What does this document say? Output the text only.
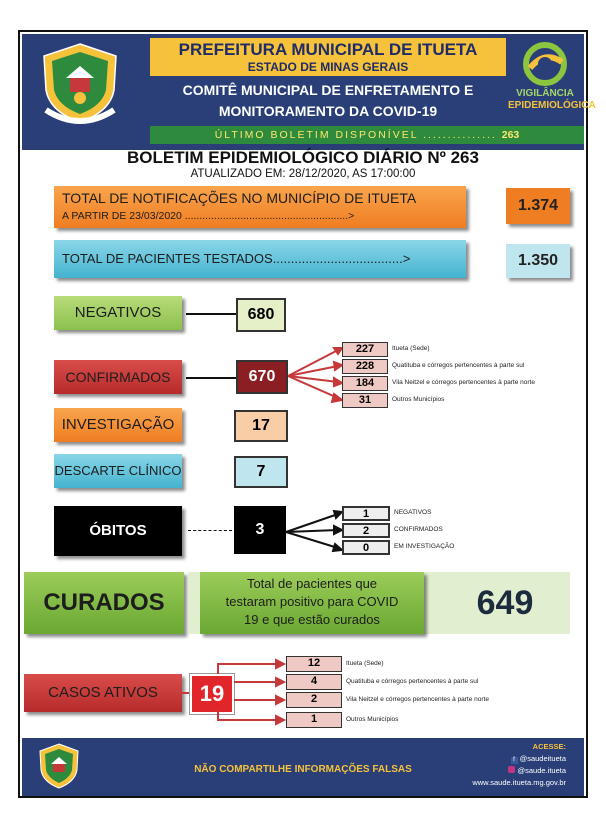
PREFEITURA MUNICIPAL DE ITUETA
ESTADO DE MINAS GERAIS
COMITÊ MUNICIPAL DE ENFRETAMENTO E
MONITORAMENTO DA COVID-19
VIGILÂNCIA
EPIDEMIOLÓGICA
ÚLTIMO BOLETIM DISPONÍVEL ............... 263
BOLETIM EPIDEMIOLÓGICO DIÁRIO Nº 263
ATUALIZADO EM: 28/12/2020, AS 17:00:00
TOTAL DE NOTIFICAÇÕES NO MUNICÍPIO DE ITUETA
A PARTIR DE 23/03/2020 ........................................................>
1.374
TOTAL DE PACIENTES TESTADOS....................................>	1.350
NEGATIVOS	680
CONFIRMADOS	670
227	Itueta (Sede)
228	Quatituba e córregos pertencentes à parte sul
184	Vila Neitzel e córregos pertencentes à parte norte
31	Outros Municípios
INVESTIGAÇÃO	17
DESCARTE CLÍNICO	7
ÓBITOS	3
1	NEGATIVOS
2	CONFIRMADOS
0	EM INVESTIGAÇÃO
CURADOS
Total de pacientes que
testaram positivo para COVID
19 e que estão curados	649
CASOS ATIVOS	19
12	Itueta (Sede)
4	Quatituba e córregos pertencentes à parte sul
2	Vila Neitzel e córregos pertencentes à parte norte
1	Outros Municípios
NÃO COMPARTILHE INFORMAÇÕES FALSAS
ACESSE:
f @saudeitueta
@saude.itueta
www.saude.itueta.mg.gov.br
